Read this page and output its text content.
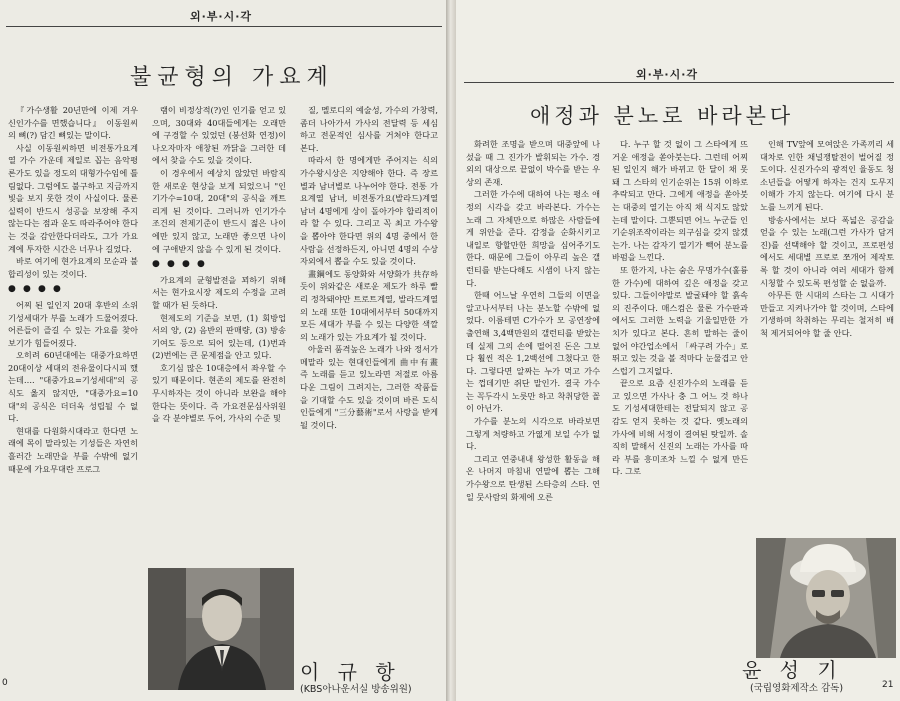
외·부·시·각
불균형의 가요계

『가수생활 20년만에 이제 겨우 신인가수를 면했습니다』 이동원씨의 뼈(?) 담긴 뼈있는 말이다.

사실 이동원씨하면 비전통가요계열 가수 가운데 제일로 꼽는 음악평론가도 있을 정도의 대형가수임에 틀림없다. 그럼에도 불구하고 지금까지 빛을 보지 못한 것이 사실이다. 물론 실력이 반드시 성공을 보장해 주지 않는다는 점과 운도 따라주어야 한다는 것을 감안한다더라도, 그가 가요계에 투자한 시간은 너무나 길었다.

바로 여기에 현가요계의 모순과 불합리성이 있는 것이다.

● ● ● ●

어찌 된 일인지 20대 후반의 소위 기성세대가 부를 노래가 드물어졌다. 어른들이 즐길 수 있는 가요를 찾아 보기가 힘들어졌다.

오히려 60년대에는 대중가요하면 20대이상 세대의 전유물이다시피 했는데…. "대중가요=기성세대"의 공식도 옳지 않지만, "대중가요=10대"의 공식은 더더욱 성립될 수 없다.

현대를 다원화시대라고 한다면 노래에 목이 말라있는 기성들은 자연히 흘러간 노래만을 부를 수밖에 없기 때문에 가요무대란 프로그

램이 비정상적(?)인 인기를 얻고 있으며, 30대와 40대들에게는 오래만에 구경할 수 있었던 (붕선화 연정)이 나오자마자 애창된 까닭을 그러한 데에서 찾을 수도 있을 것이다.

이 경우에서 예상치 않았던 바람직한 새로운 현상을 보게 되었으니 "인기가수=10대, 20대"의 공식을 깨트리게 된 것이다. 그러니까 인기가수 조건의 전제기준이 반드시 젊은 나이에만 있지 않고, 노래만 좋으면 나이에 구애받지 않을 수 있게 된 것이다.

● ● ● ●

가요계의 균형발전을 꾀하기 위해서는 현가요시장 제도의 수정을 고려할 때가 된 듯하다.

현제도의 기준을 보면, (1) 회방업서의 양, (2) 음반의 판매량, (3) 방송기여도 등으로 되어 있는데, (1)번과 (2)번에는 큰 문제점을 안고 있다.

호기심 많은 10대층에서 좌우할 수 있기 때문이다. 현존의 제도를 완전히 무시하자는 것이 아니라 보완을 해야 한다는 뜻이다. 즉 가요전문심사위원을 각 분야별로 두어, 가사의 수준 및

질, 멜로디의 예술성, 가수의 가창력, 좀더 나아가서 가사의 전달력 등 세심하고 전문적인 심사를 거쳐야 한다고 본다.

따라서 한 명에게만 주어지는 식의 가수왕시상은 지양해야 한다. 즉 장르별과 남녀별로 나누어야 한다. 전통 가요계열 남녀, 비전통가요(발라드)계열 남녀 4명에게 상이 돌아가야 합리적이라 할 수 있다. 그리고 꼭 최고 가수왕을 뽑아야 한다면 위의 4명 중에서 한 사람을 선정하든지, 아니면 4명의 수상자외에서 뽑을 수도 있을 것이다.

畫鋼에도 동양화와 서양화가 共存하듯이 위와같은 새로운 제도가 하루 빨리 정착돼야만 트로트계열, 발라드계열의 노래 또한 10대에서부터 50대까지 모든 세대가 부를 수 있는 다양한 색깔의 노래가 있는 가요계가 될 것이다.

아울러 품격높은 노래가 나와 정서가 메말라 있는 현대인들에게 曲中有畫 즉 노래를 듣고 있노라면 저절로 아름다운 그림이 그려지는, 그러한 작품들을 기대할 수도 있을 것이며 바른 도식인들에게 "三分藝術"로서 사랑을 받게 될 것이다.

이 규 항
(KBS아나운서실 방송위원)
0
외·부·시·각
애정과 분노로 바라본다

화려한 조명을 받으며 대중앞에 나섰을 때 그 진가가 발휘되는 가수. 경외의 대상으로 끝없이 박수를 받는 우상의 존재.

그러한 가수에 대하여 나는 평소 애정의 시각을 갖고 바라본다. 가수는 노래 그 자체만으로 하많은 사람들에게 위안을 준다. 감정을 순화시키고 내일로 향할만한 희망을 심어주기도 한다. 때문에 그들이 아무리 높은 갤런티를 받는다해도 시샘이 나지 않는다.

한때 어느날 우연히 그들의 이면을 알고나서부터 나는 분노할 수밖에 없었다. 이름테면 C가수가 모 공연장에 출연해 3,4백만원의 갤런티를 받았는데 실제 그의 손에 떨어진 돈은 그보다 훨씬 적은 1,2백선에 그쳤다고 한다. 그렇다면 알짜는 누가 먹고 가수는 껍데기만 쥐단 말인가. 결국 가수는 꼭두각시 노릇만 하고 착취당한 꼴이 아닌가.

가수를 분노의 시각으로 바라보면 그렇게 처량하고 가엾게 보일 수가 없다.

그리고 연중내내 왕성한 활동을 해온 나머지 마침내 연말에 뽑는 그해 가수왕으로 탄생된 스타층의 스타. 연일 뭇사람의 화제에 오른

다. 누구 할 것 없이 그 스타에게 뜨거운 애정을 쏟아붓는다. 그런데 어찌된 일인지 해가 바뀌고 한 달이 채 못돼 그 스타의 인기순위는 15위 이하로 추락되고 만다. 그에게 애정을 쏟아붓는 대중의 열기는 아직 채 식지도 않았는데 말이다. 그뿐되면 어느 누군들 인기순위조작이라는 의구심을 갖지 않겠는가. 나는 감자기 열기가 빽어 분노를 바펌을 느낀다.

또 한가지, 나는 숨은 무명가수(훌륭한 가수)에 대하여 깊은 애정을 갖고 있다. 그들이야말로 발굴돼야 할 흙속의 진주이다. 매스컴은 물론 가수판과에서도 그러한 노력을 기울일만한 가치가 있다고 본다. 흔히 말하는 줄이 없어 야간업소에서 「싸구려 가수」로 뛰고 있는 것을 볼 적마다 눈물겹고 안스럽기 그지없다.

끝으로 요즘 신진가수의 노래를 듣고 있으면 가사나 충 그 어느 것 하나도 기성세대한테는 전달되지 않고 공감도 얻지 못하는 것 같다. 옛노래의 가사에 비해 서정이 결여된 탓일까. 솔직히 말해서 신진의 노래는 가사를 따라 부를 흥미조차 느낄 수 없게 만든다. 그로

인해 TV앞에 모여앉은 가족끼리 세대차로 인한 채널쟁탈전이 벌어질 정도이다. 신진가수의 광적인 율동도 청소년들을 어떻게 하자는 건지 도무지 이해가 가지 않는다. 여기에 다시 분노를 느끼게 된다.

방송사에서는 보다 폭넓은 공감을 얻을 수 있는 노래(그런 가사가 담겨진)를 선택해야 할 것이고, 프로편성에서도 세대별 프로로 쪼개어 제작토록 할 것이 아니라 여러 세대가 함께 시청할 수 있도록 편성할 순 없을까.

아무튼 한 시대의 스타는 그 시대가 만들고 지켜나가야 할 것이며, 스타에 기생하며 착취하는 무리는 철저히 배척 제거되어야 할 줄 안다.

윤 성 기
(국립영화제작소 감독)	21
